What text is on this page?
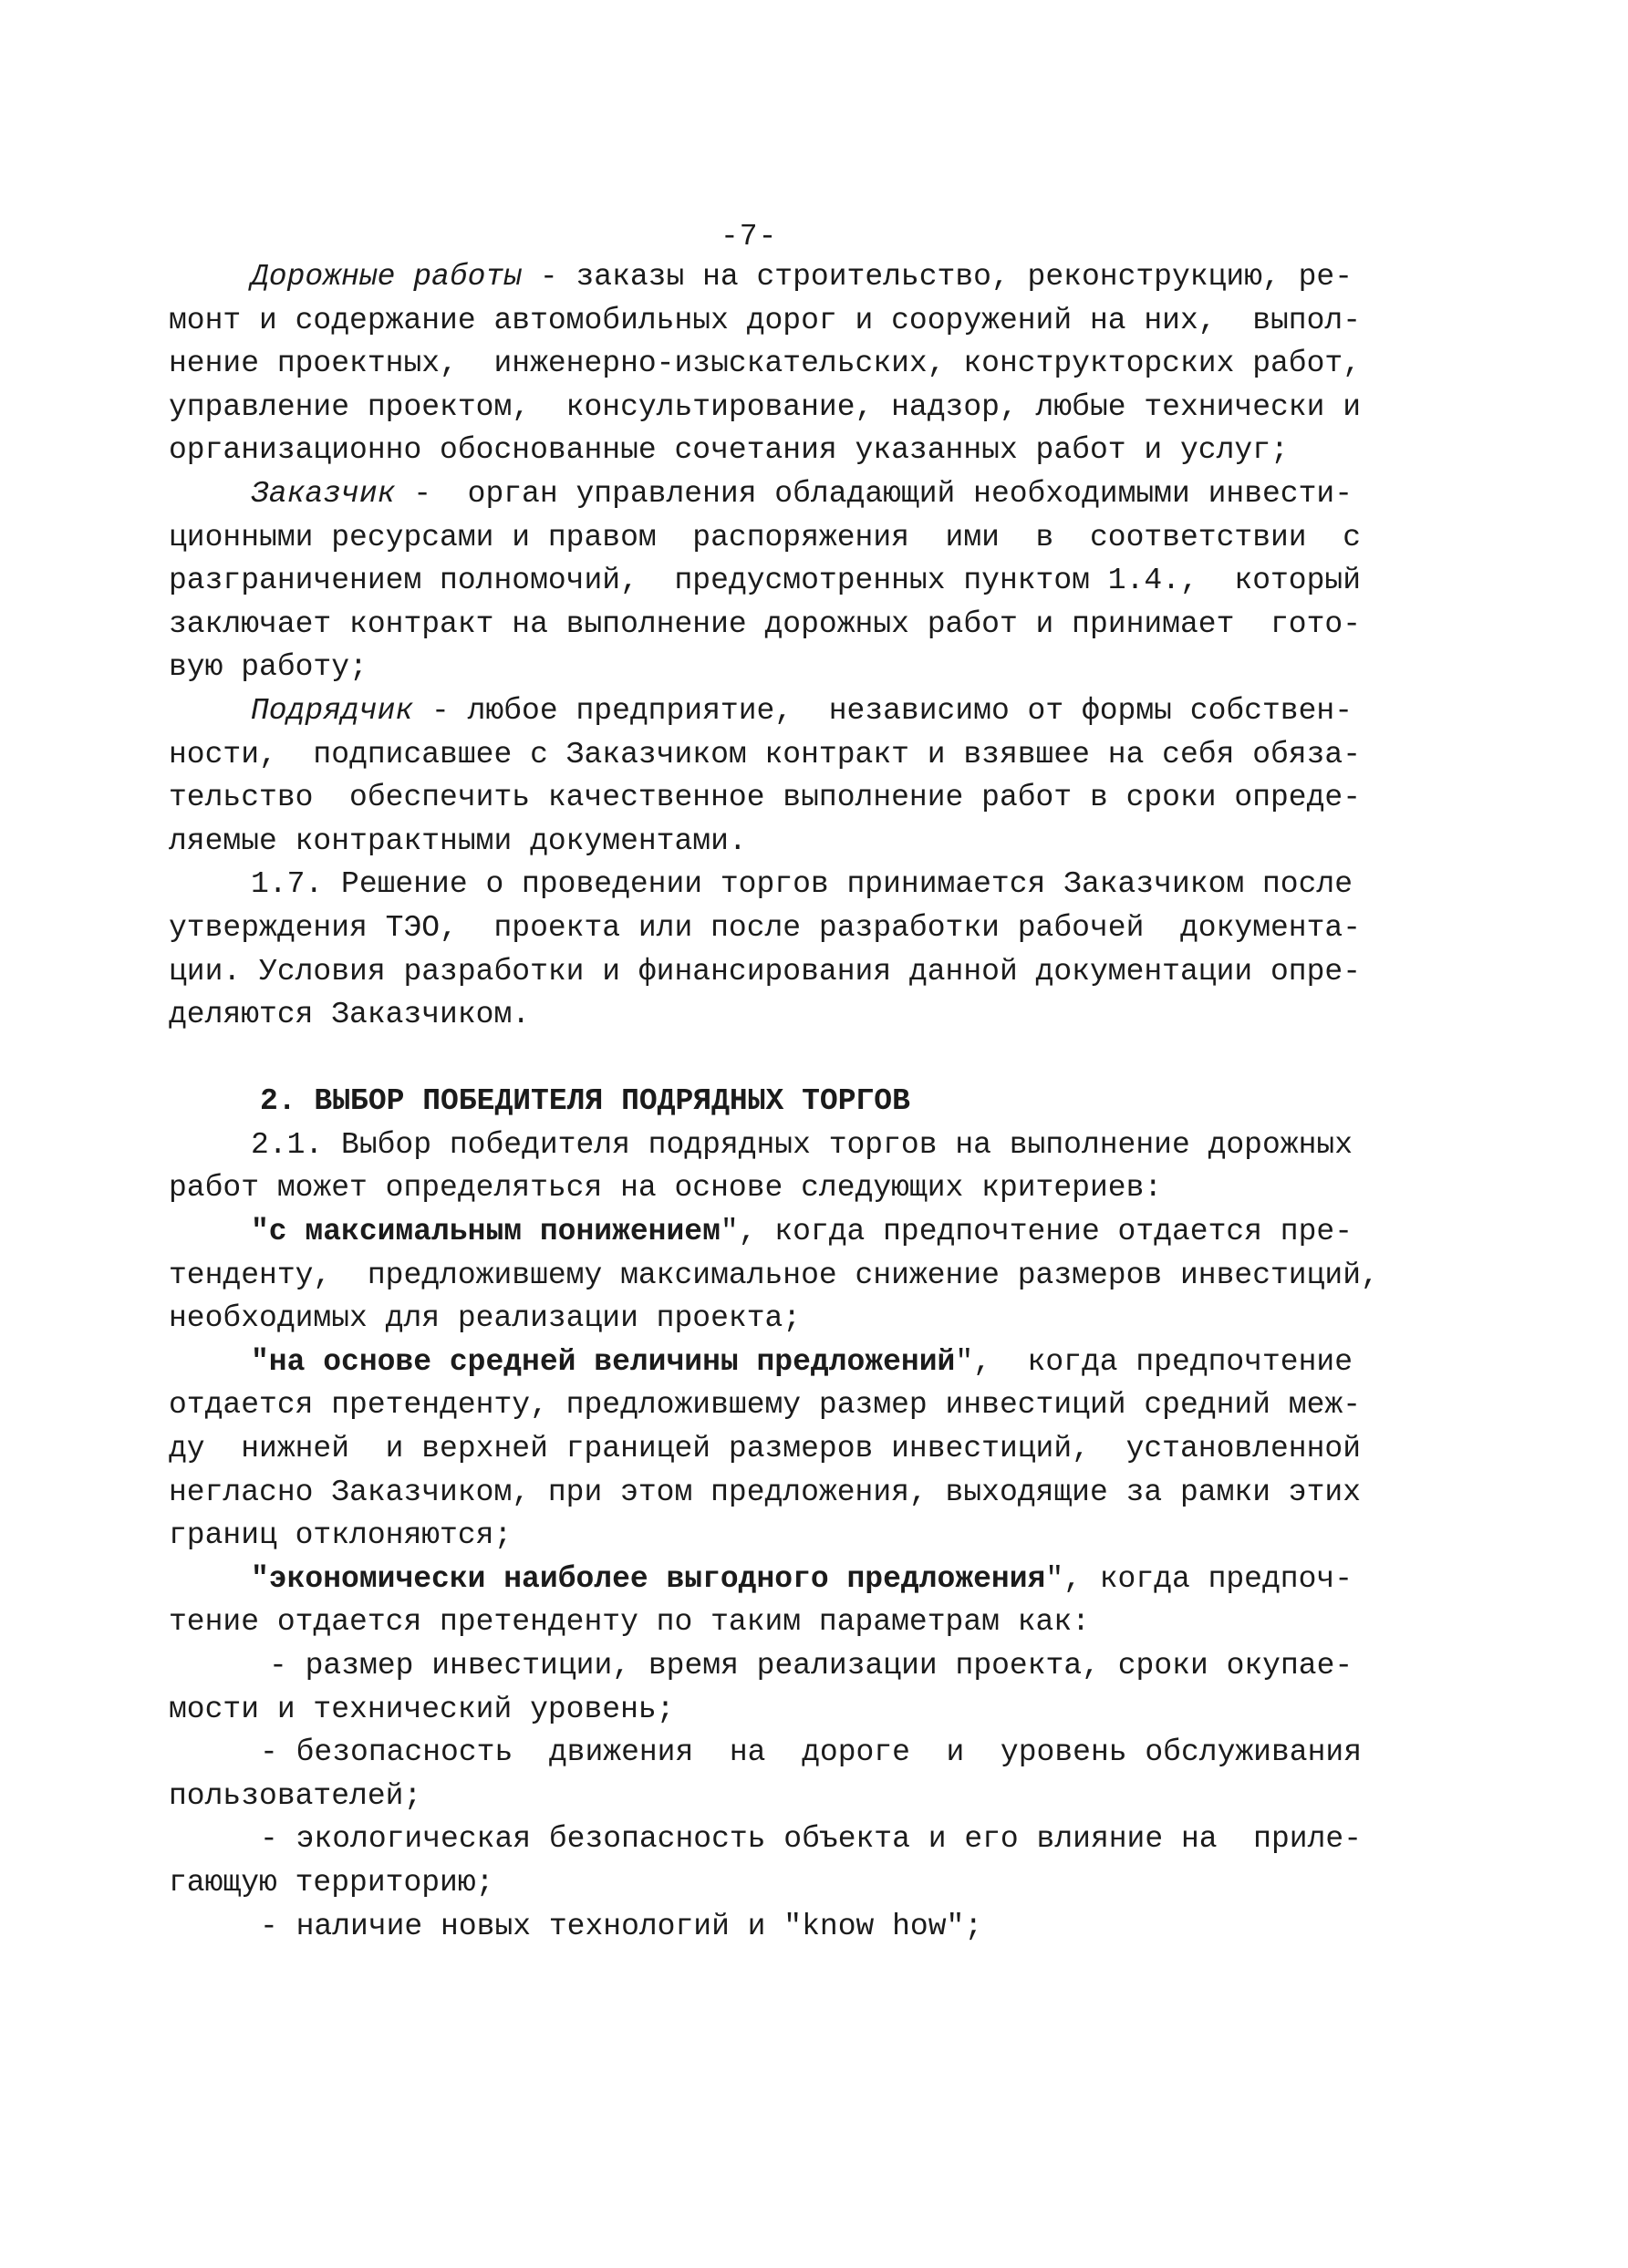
-7-
Дорожные работы - заказы на строительство, реконструкцию, ре-
монт и содержание автомобильных дорог и сооружений на них,  выпол-
нение проектных,  инженерно-изыскательских, конструкторских работ,
управление проектом,  консультирование, надзор, любые технически и
организационно обоснованные сочетания указанных работ и услуг;
Заказчик -  орган управления обладающий необходимыми инвести-
ционными ресурсами и правом  распоряжения  ими  в  соответствии  с
разграничением полномочий,  предусмотренных пунктом 1.4.,  который
заключает контракт на выполнение дорожных работ и принимает  гото-
вую работу;
Подрядчик - любое предприятие,  независимо от формы собствен-
ности,  подписавшее с Заказчиком контракт и взявшее на себя обяза-
тельство  обеспечить качественное выполнение работ в сроки опреде-
ляемые контрактными документами.
1.7. Решение о проведении торгов принимается Заказчиком после
утверждения ТЭО,  проекта или после разработки рабочей  документа-
ции. Условия разработки и финансирования данной документации опре-
деляются Заказчиком.
2. ВЫБОР ПОБЕДИТЕЛЯ ПОДРЯДНЫХ ТОРГОВ
2.1. Выбор победителя подрядных торгов на выполнение дорожных
работ может определяться на основе следующих критериев:
"с максимальным понижением", когда предпочтение отдается пре-
тенденту,  предложившему максимальное снижение размеров инвестиций,
необходимых для реализации проекта;
"на основе средней величины предложений",  когда предпочтение
отдается претенденту, предложившему размер инвестиций средний меж-
ду  нижней  и верхней границей размеров инвестиций,  установленной
негласно Заказчиком, при этом предложения, выходящие за рамки этих
границ отклоняются;
"экономически наиболее выгодного предложения", когда предпоч-
тение отдается претенденту по таким параметрам как:
- размер инвестиции, время реализации проекта, сроки окупае-
мости и технический уровень;
- безопасность  движения  на  дороге  и  уровень обслуживания
пользователей;
- экологическая безопасность объекта и его влияние на  приле-
гающую территорию;
- наличие новых технологий и "know how";
